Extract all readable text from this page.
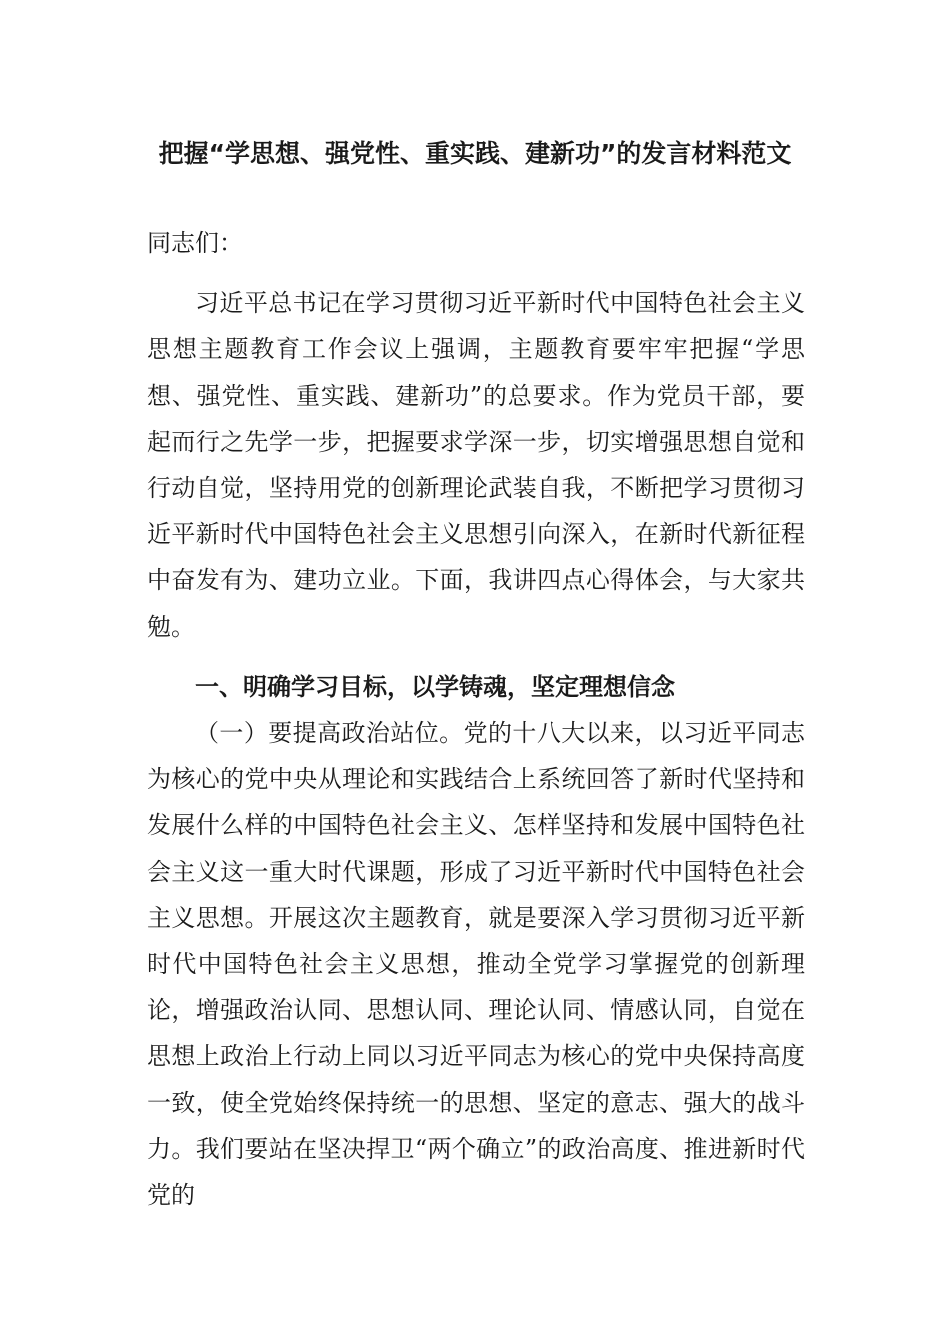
把握“学思想、强党性、重实践、建新功”的发言材料范文

同志们：

习近平总书记在学习贯彻习近平新时代中国特色社会主义思想主题教育工作会议上强调，主题教育要牢牢把握“学思想、强党性、重实践、建新功”的总要求。作为党员干部，要起而行之先学一步，把握要求学深一步，切实增强思想自觉和行动自觉，坚持用党的创新理论武装自我，不断把学习贯彻习近平新时代中国特色社会主义思想引向深入，在新时代新征程中奋发有为、建功立业。下面，我讲四点心得体会，与大家共勉。

一、明确学习目标，以学铸魂，坚定理想信念

（一）要提高政治站位。党的十八大以来，以习近平同志为核心的党中央从理论和实践结合上系统回答了新时代坚持和发展什么样的中国特色社会主义、怎样坚持和发展中国特色社会主义这一重大时代课题，形成了习近平新时代中国特色社会主义思想。开展这次主题教育，就是要深入学习贯彻习近平新时代中国特色社会主义思想，推动全党学习掌握党的创新理论，增强政治认同、思想认同、理论认同、情感认同，自觉在思想上政治上行动上同以习近平同志为核心的党中央保持高度一致，使全党始终保持统一的思想、坚定的意志、强大的战斗力。我们要站在坚决捍卫“两个确立”的政治高度、推进新时代党的
